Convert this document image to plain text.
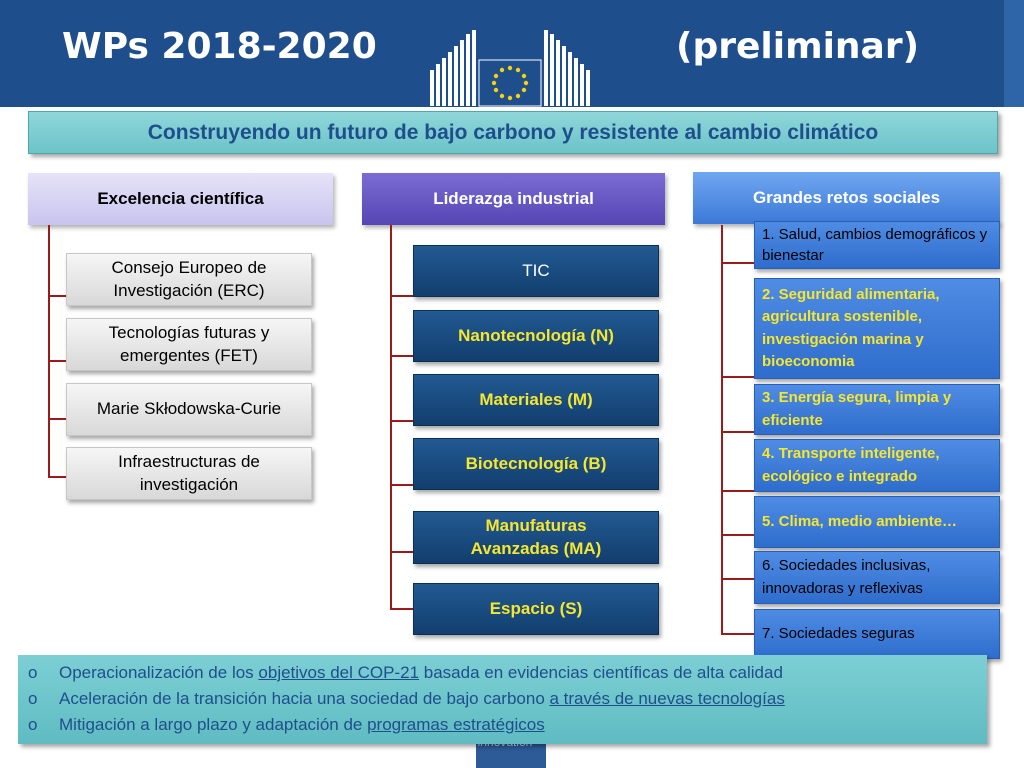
WPs 2018-2020	(preliminar)
Construyendo un futuro de bajo carbono y resistente al cambio climático
Excelencia científica	Liderazga industrial	Grandes retos sociales
Consejo Europeo de Investigación (ERC)
Tecnologías futuras y emergentes (FET)
Marie Skłodowska-Curie
Infraestructuras de investigación
TIC
Nanotecnología (N)
Materiales (M)
Biotecnología (B)
Manufaturas Avanzadas (MA)
Espacio (S)
1. Salud, cambios demográficos y bienestar
2. Seguridad alimentaria, agricultura sostenible, investigación marina y bioeconomia
3. Energía segura, limpia y eficiente
4. Transporte inteligente, ecológico e integrado
5. Clima, medio ambiente…
6. Sociedades inclusivas, innovadoras y reflexivas
7. Sociedades seguras
o Operacionalización de los objetivos del COP-21 basada en evidencias científicas de alta calidad
o Aceleración de la transición hacia una sociedad de bajo carbono a través de nuevas tecnologías
o Mitigación a largo plazo y adaptación de programas estratégicos
